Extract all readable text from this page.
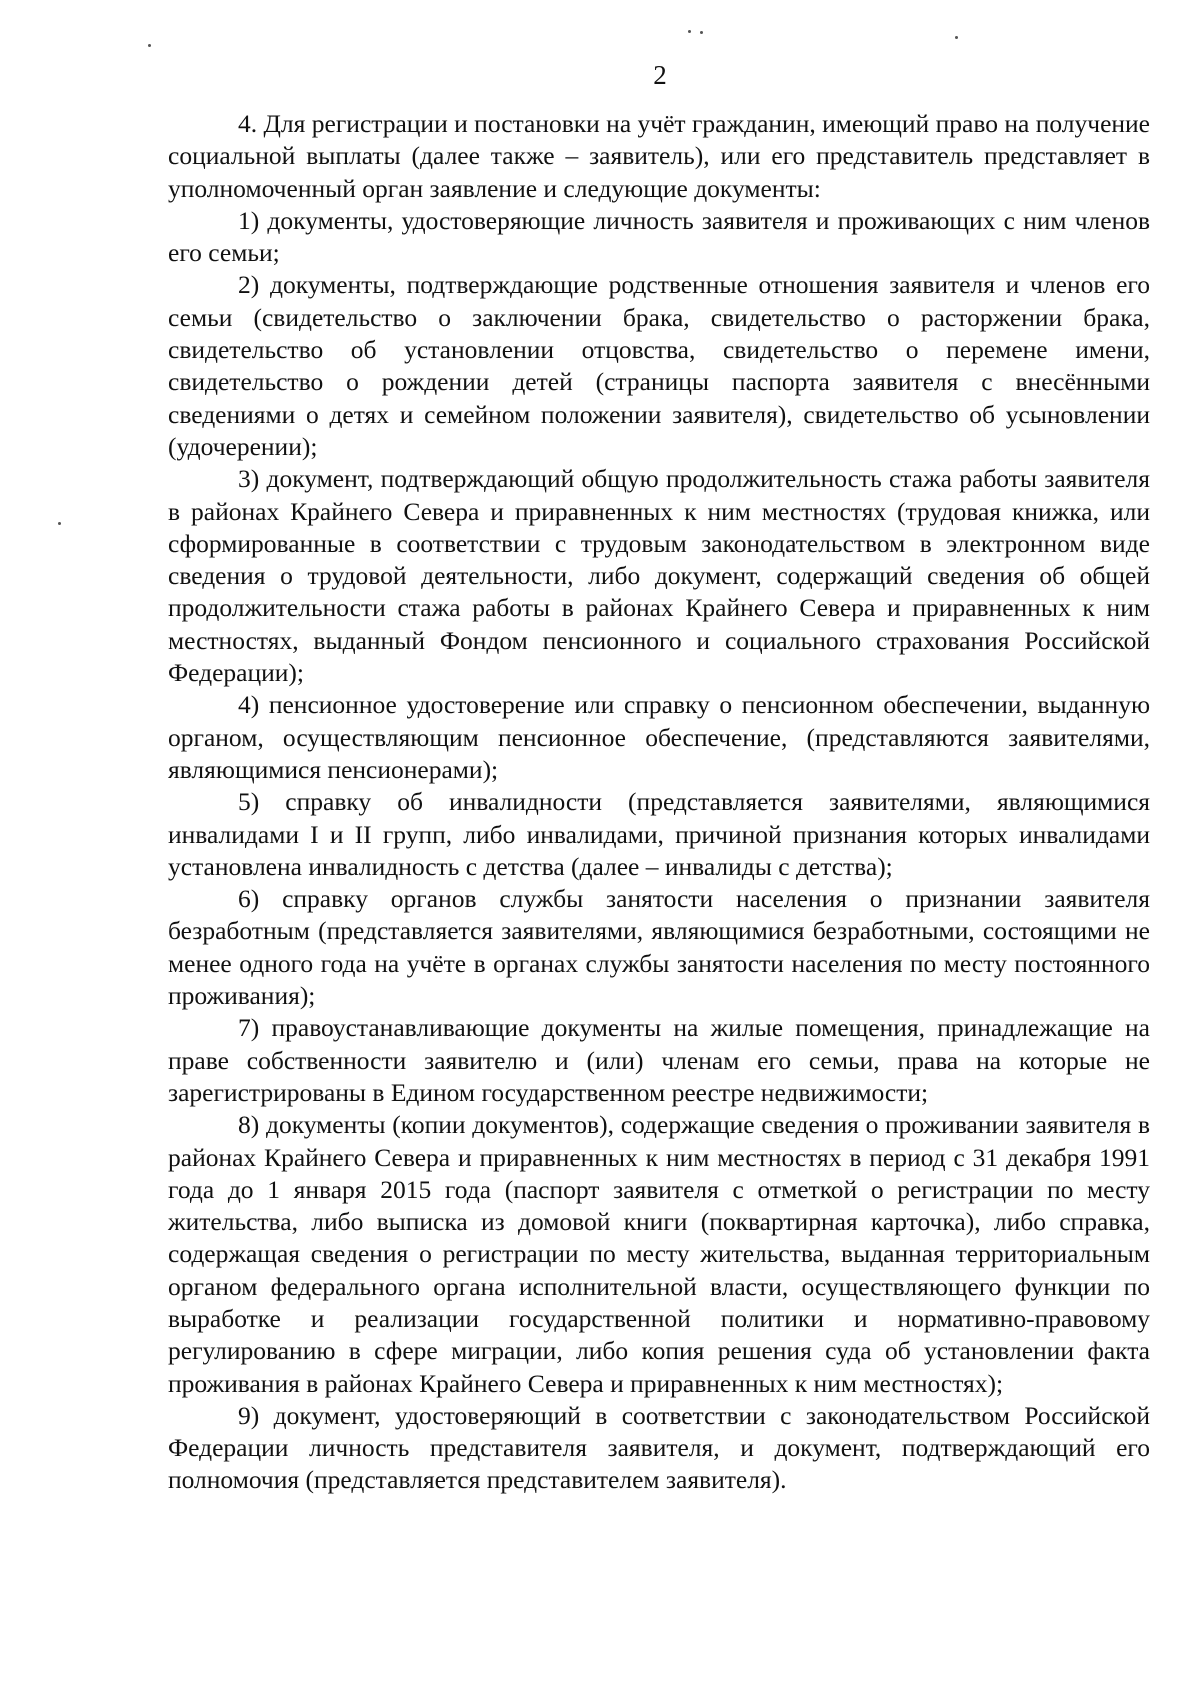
2

4. Для регистрации и постановки на учёт гражданин, имеющий право на получение социальной выплаты (далее также – заявитель), или его представитель представляет в уполномоченный орган заявление и следующие документы:

1) документы, удостоверяющие личность заявителя и проживающих с ним членов его семьи;

2) документы, подтверждающие родственные отношения заявителя и членов его семьи (свидетельство о заключении брака, свидетельство о расторжении брака, свидетельство об установлении отцовства, свидетельство о перемене имени, свидетельство о рождении детей (страницы паспорта заявителя с внесёнными сведениями о детях и семейном положении заявителя), свидетельство об усыновлении (удочерении);

3) документ, подтверждающий общую продолжительность стажа работы заявителя в районах Крайнего Севера и приравненных к ним местностях (трудовая книжка, или сформированные в соответствии с трудовым законодательством в электронном виде сведения о трудовой деятельности, либо документ, содержащий сведения об общей продолжительности стажа работы в районах Крайнего Севера и приравненных к ним местностях, выданный Фондом пенсионного и социального страхования Российской Федерации);

4) пенсионное удостоверение или справку о пенсионном обеспечении, выданную органом, осуществляющим пенсионное обеспечение, (представляются заявителями, являющимися пенсионерами);

5) справку об инвалидности (представляется заявителями, являющимися инвалидами I и II групп, либо инвалидами, причиной признания которых инвалидами установлена инвалидность с детства (далее – инвалиды с детства);

6) справку органов службы занятости населения о признании заявителя безработным (представляется заявителями, являющимися безработными, состоящими не менее одного года на учёте в органах службы занятости населения по месту постоянного проживания);

7) правоустанавливающие документы на жилые помещения, принадлежащие на праве собственности заявителю и (или) членам его семьи, права на которые не зарегистрированы в Едином государственном реестре недвижимости;

8) документы (копии документов), содержащие сведения о проживании заявителя в районах Крайнего Севера и приравненных к ним местностях в период с 31 декабря 1991 года до 1 января 2015 года (паспорт заявителя с отметкой о регистрации по месту жительства, либо выписка из домовой книги (поквартирная карточка), либо справка, содержащая сведения о регистрации по месту жительства, выданная территориальным органом федерального органа исполнительной власти, осуществляющего функции по выработке и реализации государственной политики и нормативно-правовому регулированию в сфере миграции, либо копия решения суда об установлении факта проживания в районах Крайнего Севера и приравненных к ним местностях);

9) документ, удостоверяющий в соответствии с законодательством Российской Федерации личность представителя заявителя, и документ, подтверждающий его полномочия (представляется представителем заявителя).
